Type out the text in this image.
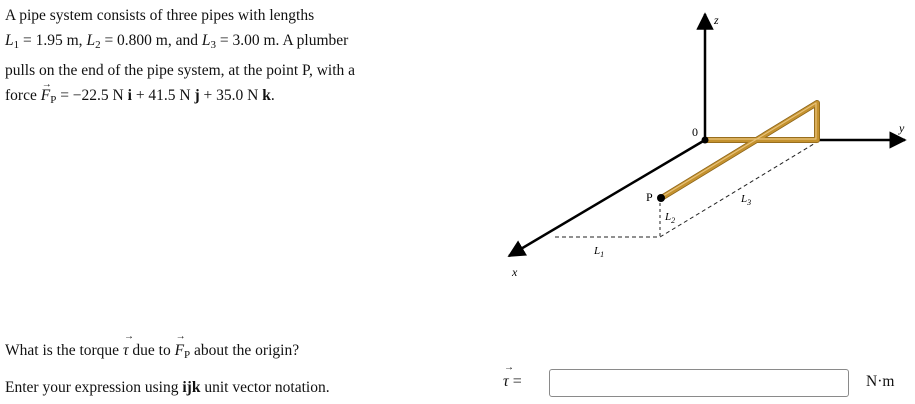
A pipe system consists of three pipes with lengths
$L_1 = 1.95$ m, $L_2 = 0.800$ m, and $L_3 = 3.00$ m. A plumber
pulls on the end of the pipe system, at the point P, with a
force → $F_P = -22.5$ N i + 41.5 N j + 35.0 N k.
z
y
x
0
P
$L_1$
$L_2$
$L_3$
What is the torque → τ due to → $F_P$ about the origin?
Enter your expression using ijk unit vector notation.
→	τ =	N·m
